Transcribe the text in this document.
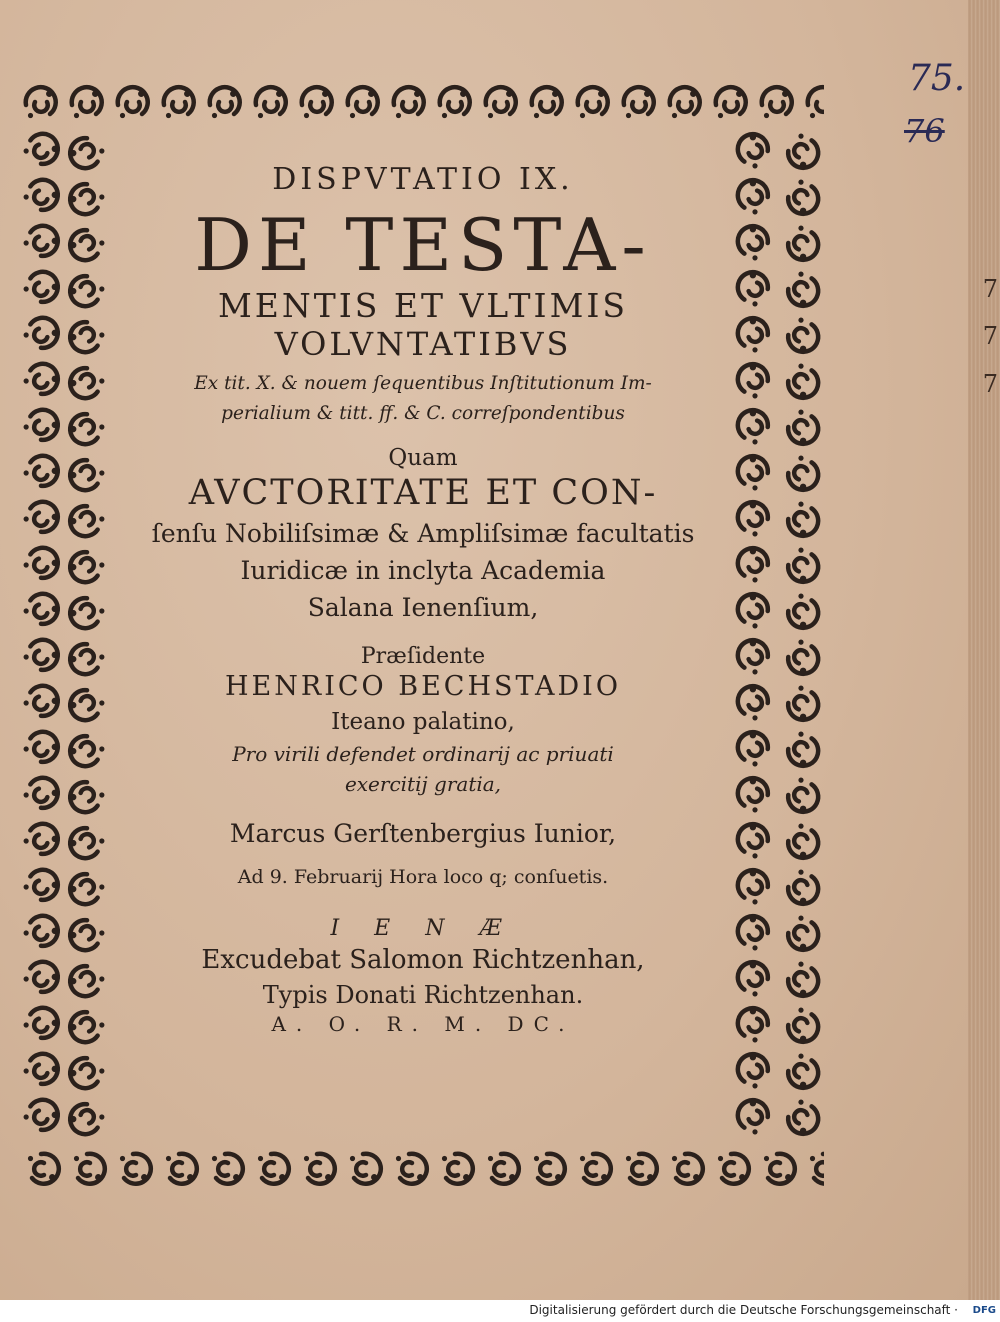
7
7
7
75.
76
DISPVTATIO IX.
DE TESTA-
MENTIS ET VLTIMIS
VOLVNTATIBVS
Ex tit. X. & nouem ſequentibus Inſtitutionum Im-
perialium & titt. ff. & C. correſpondentibus
Quam
AVCTORITATE ET CON-
ſenſu Nobiliſsimæ & Ampliſsimæ facultatis
Iuridicæ in inclyta Academia
Salana Ienenſium,
Præſidente
HENRICO BECHSTADIO
Iteano palatino,
Pro virili defendet ordinarij ac priuati
exercitij gratia,
Marcus Gerſtenbergius Iunior,
Ad 9. Februarij Hora loco q; conſuetis.
I E N Æ
Excudebat Salomon Richtzenhan,
Typis Donati Richtzenhan.
A. O. R. M. DC.
Digitalisierung gefördert durch die Deutsche Forschungsgemeinschaft ·	DFG
